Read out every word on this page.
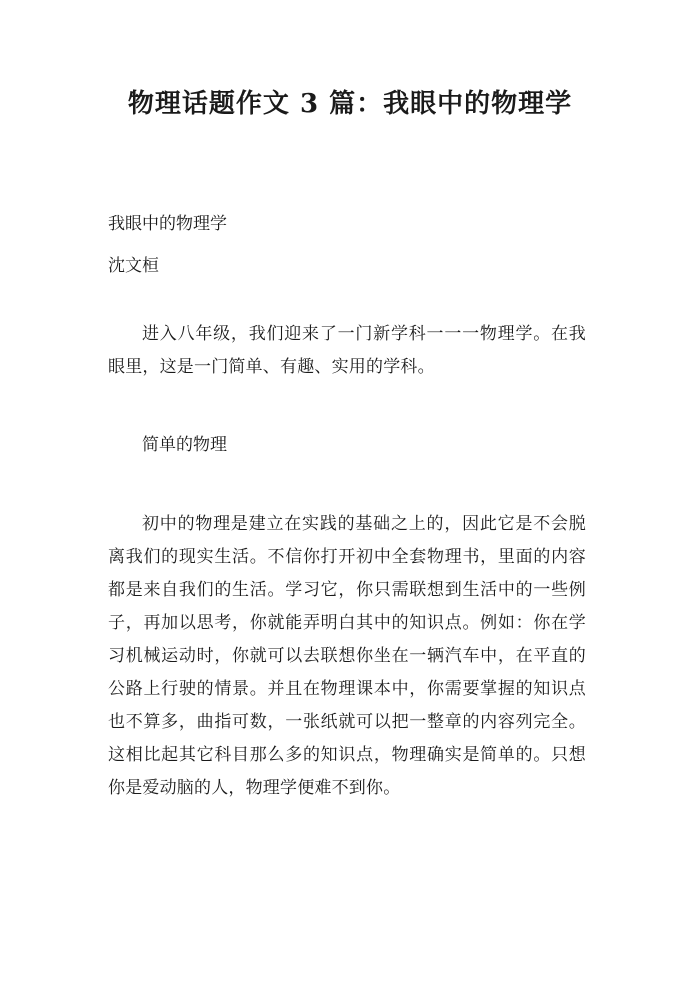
物理话题作文 3 篇：我眼中的物理学
我眼中的物理学
沈文桓
进入八年级，我们迎来了一门新学科一一一物理学。在我眼里，这是一门简单、有趣、实用的学科。
简单的物理
初中的物理是建立在实践的基础之上的，因此它是不会脱离我们的现实生活。不信你打开初中全套物理书，里面的内容都是来自我们的生活。学习它，你只需联想到生活中的一些例子，再加以思考，你就能弄明白其中的知识点。例如：你在学习机械运动时，你就可以去联想你坐在一辆汽车中，在平直的公路上行驶的情景。并且在物理课本中，你需要掌握的知识点也不算多，曲指可数，一张纸就可以把一整章的内容列完全。这相比起其它科目那么多的知识点，物理确实是简单的。只想你是爱动脑的人，物理学便难不到你。
